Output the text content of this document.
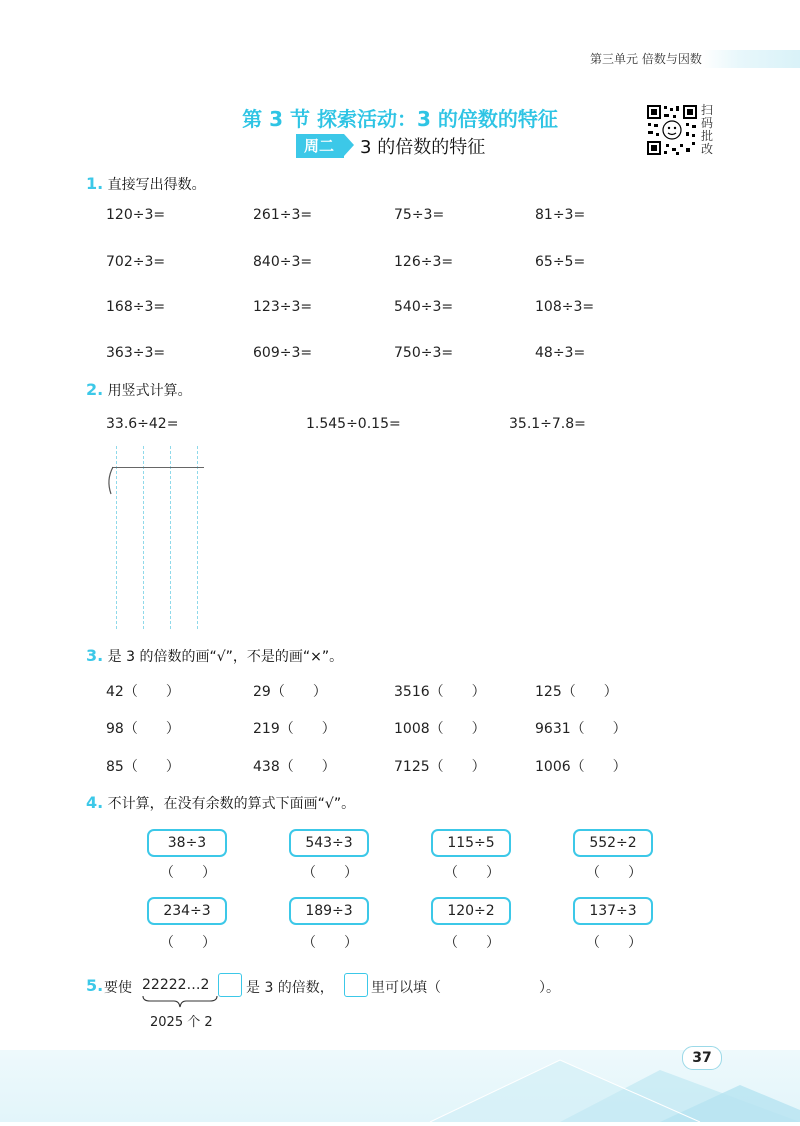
第三单元 倍数与因数
第 3 节 探索活动：3 的倍数的特征
周二	3 的倍数的特征
扫码批改
1. 直接写出得数。
120÷3=	261÷3=	75÷3=	81÷3=
702÷3=	840÷3=	126÷3=	65÷5=
168÷3=	123÷3=	540÷3=	108÷3=
363÷3=	609÷3=	750÷3=	48÷3=
2. 用竖式计算。
33.6÷42=	1.545÷0.15=	35.1÷7.8=
3. 是 3 的倍数的画“√”，不是的画“×”。
42（　　）	29（　　）	3516（　　）	125（　　）
98（　　）	219（　　）	1008（　　）	9631（　　）
85（　　）	438（　　）	7125（　　）	1006（　　）
4. 不计算，在没有余数的算式下面画“√”。
38÷3	543÷3	115÷5	552÷2
（　　）	（　　）	（　　）	（　　）
234÷3	189÷3	120÷2	137÷3
（　　）	（　　）	（　　）	（　　）
5. 要使 22222…2	是 3 的倍数，	里可以填（　　　　　　　）。
2025 个 2
37
